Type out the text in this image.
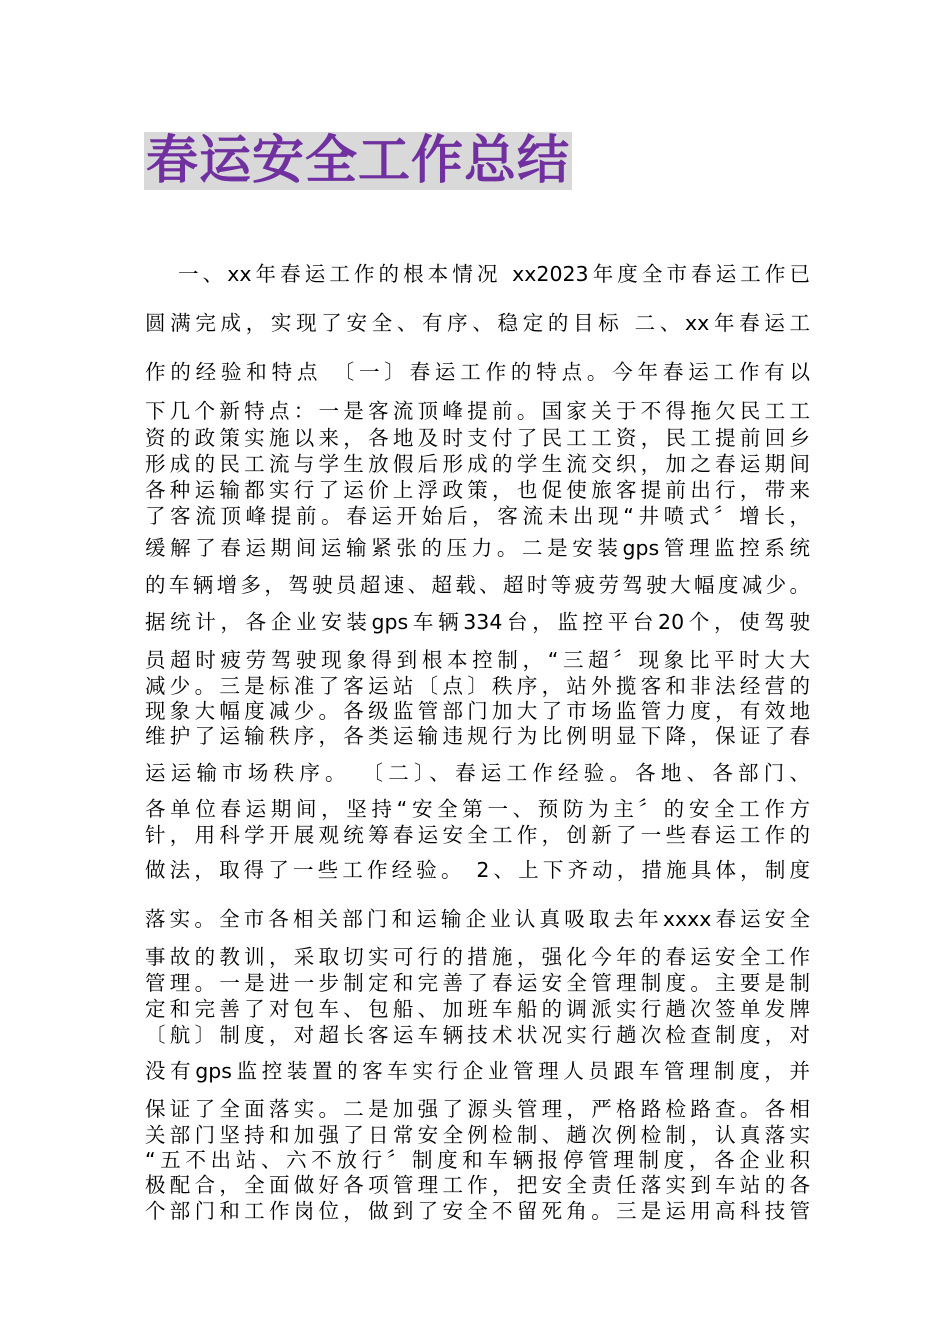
春运安全工作总结
一、xx年春运工作的根本情况 xx2023年度全市春运工作已
圆满完成，实现了安全、有序、稳定的目标 二、xx年春运工
作的经验和特点 〔一〕春运工作的特点。今年春运工作有以
下几个新特点：一是客流顶峰提前。国家关于不得拖欠民工工
资的政策实施以来，各地及时支付了民工工资，民工提前回乡
形成的民工流与学生放假后形成的学生流交织，加之春运期间
各种运输都实行了运价上浮政策，也促使旅客提前出行，带来
了客流顶峰提前。春运开始后，客流未出现“井喷式〞增长，
缓解了春运期间运输紧张的压力。二是安装gps管理监控系统
的车辆增多，驾驶员超速、超载、超时等疲劳驾驶大幅度减少。
据统计，各企业安装gps车辆334台，监控平台20个，使驾驶
员超时疲劳驾驶现象得到根本控制，“三超〞现象比平时大大
减少。三是标准了客运站〔点〕秩序，站外揽客和非法经营的
现象大幅度减少。各级监管部门加大了市场监管力度，有效地
维护了运输秩序，各类运输违规行为比例明显下降，保证了春
运运输市场秩序。 〔二〕、春运工作经验。各地、各部门、
各单位春运期间，坚持“安全第一、预防为主〞的安全工作方
针，用科学开展观统筹春运安全工作，创新了一些春运工作的
做法，取得了一些工作经验。 2、上下齐动，措施具体，制度
落实。全市各相关部门和运输企业认真吸取去年xxxx春运安全
事故的教训，采取切实可行的措施，强化今年的春运安全工作
管理。一是进一步制定和完善了春运安全管理制度。主要是制
定和完善了对包车、包船、加班车船的调派实行趟次签单发牌
〔航〕制度，对超长客运车辆技术状况实行趟次检查制度，对
没有gps监控装置的客车实行企业管理人员跟车管理制度，并
保证了全面落实。二是加强了源头管理，严格路检路查。各相
关部门坚持和加强了日常安全例检制、趟次例检制，认真落实
“五不出站、六不放行〞制度和车辆报停管理制度，各企业积
极配合，全面做好各项管理工作，把安全责任落实到车站的各
个部门和工作岗位，做到了安全不留死角。三是运用高科技管
